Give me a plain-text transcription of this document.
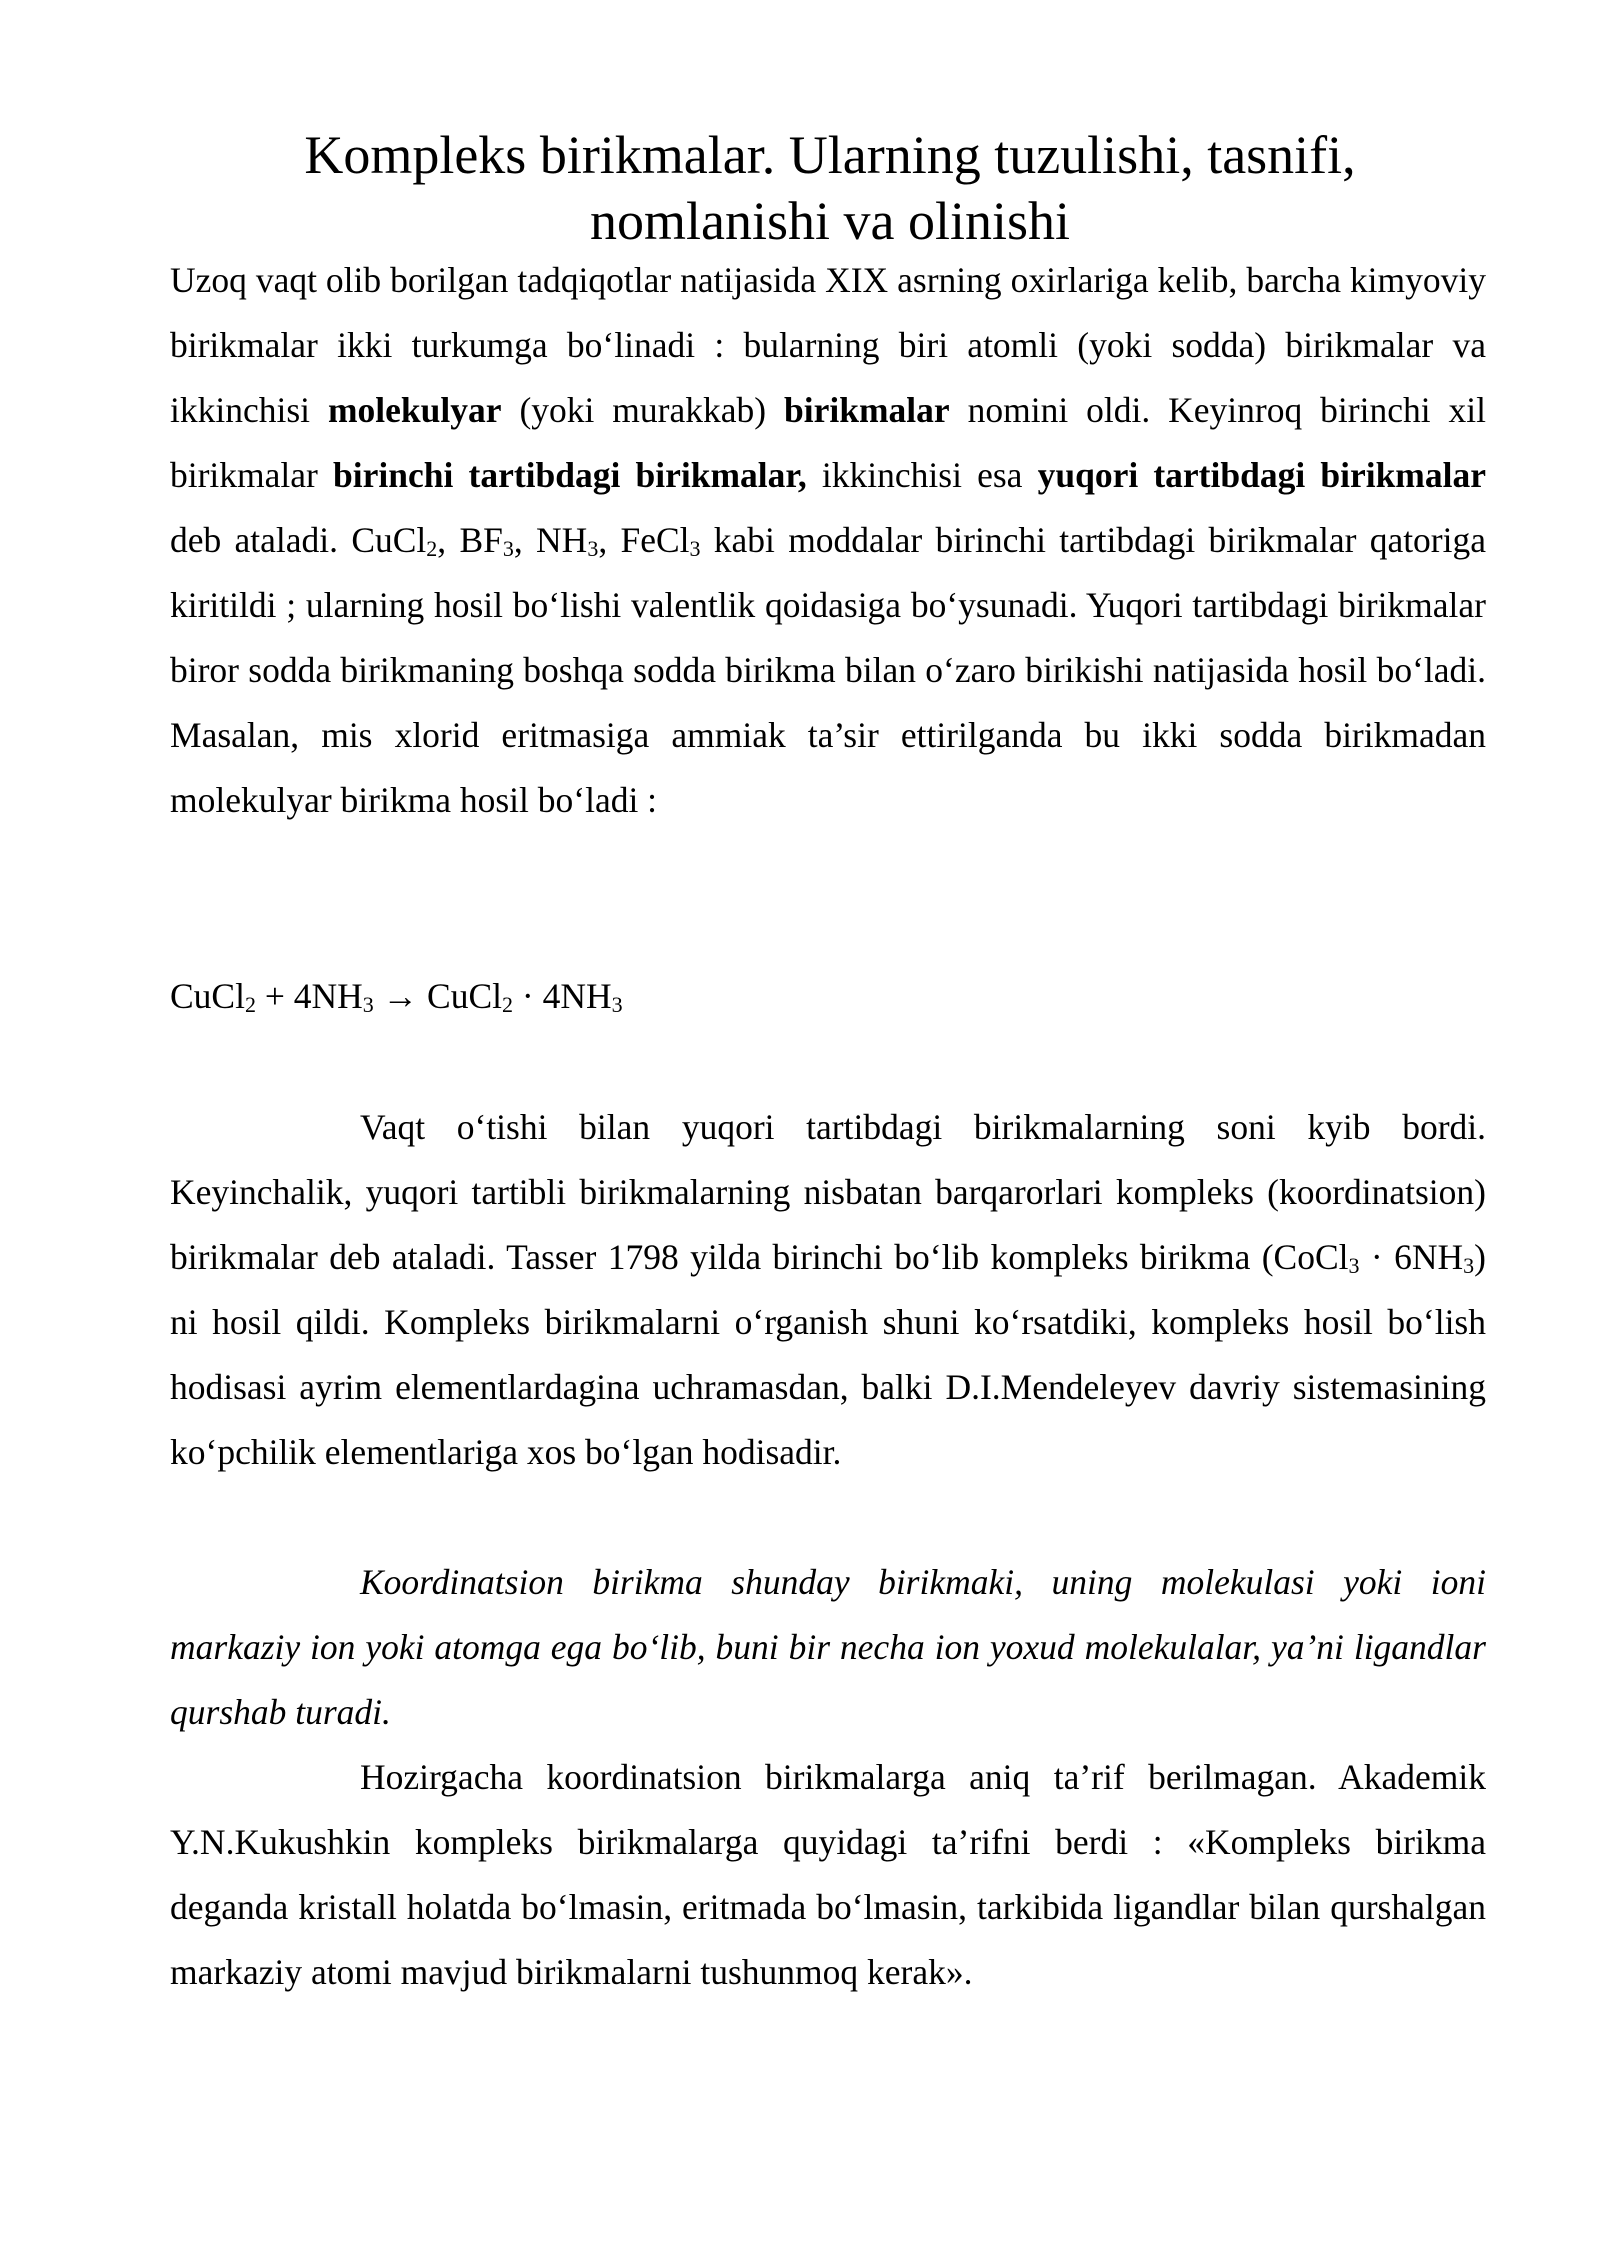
Kompleks birikmalar. Ularning tuzulishi, tasnifi,
nomlanishi va olinishi

Uzoq vaqt olib borilgan tadqiqotlar natijasida XIX asrning oxirlariga kelib, barcha kimyoviy birikmalar ikki turkumga bo‘linadi : bularning biri atomli (yoki sodda) birikmalar va ikkinchisi molekulyar (yoki murakkab) birikmalar nomini oldi. Keyinroq birinchi xil birikmalar birinchi tartibdagi birikmalar, ikkinchisi esa yuqori tartibdagi birikmalar deb ataladi. CuCl$_2$, $BF_3$, $NH_3$, FeCl$_3$ kabi moddalar birinchi tartibdagi birikmalar qatoriga kiritildi ; ularning hosil bo‘lishi valentlik qoidasiga bo‘ysunadi. Yuqori tartibdagi birikmalar biror sodda birikmaning boshqa sodda birikma bilan o‘zaro birikishi natijasida hosil bo‘ladi. Masalan, mis xlorid eritmasiga ammiak ta’sir ettirilganda bu ikki sodda birikmadan molekulyar birikma hosil bo‘ladi :

CuCl$_2$ + $4NH_3$ → CuCl$_2$ · $4NH_3$

Vaqt o‘tishi bilan yuqori tartibdagi birikmalarning soni kyib bordi. Keyinchalik, yuqori tartibli birikmalarning nisbatan barqarorlari kompleks (koordinatsion) birikmalar deb ataladi. Tasser 1798 yilda birinchi bo‘lib kompleks birikma (CoCl$_3$ · $6NH_3$) ni hosil qildi. Kompleks birikmalarni o‘rganish shuni ko‘rsatdiki, kompleks hosil bo‘lish hodisasi ayrim elementlardagina uchramasdan, balki D.I.Mendeleyev davriy sistemasining ko‘pchilik elementlariga xos bo‘lgan hodisadir.

Koordinatsion birikma shunday birikmaki, uning molekulasi yoki ioni markaziy ion yoki atomga ega bo‘lib, buni bir necha ion yoxud molekulalar, ya’ni ligandlar qurshab turadi.

Hozirgacha koordinatsion birikmalarga aniq ta’rif berilmagan. Akademik Y.N.Kukushkin kompleks birikmalarga quyidagi ta’rifni berdi : «Kompleks birikma deganda kristall holatda bo‘lmasin, eritmada bo‘lmasin, tarkibida ligandlar bilan qurshalgan markaziy atomi mavjud birikmalarni tushunmoq kerak».
